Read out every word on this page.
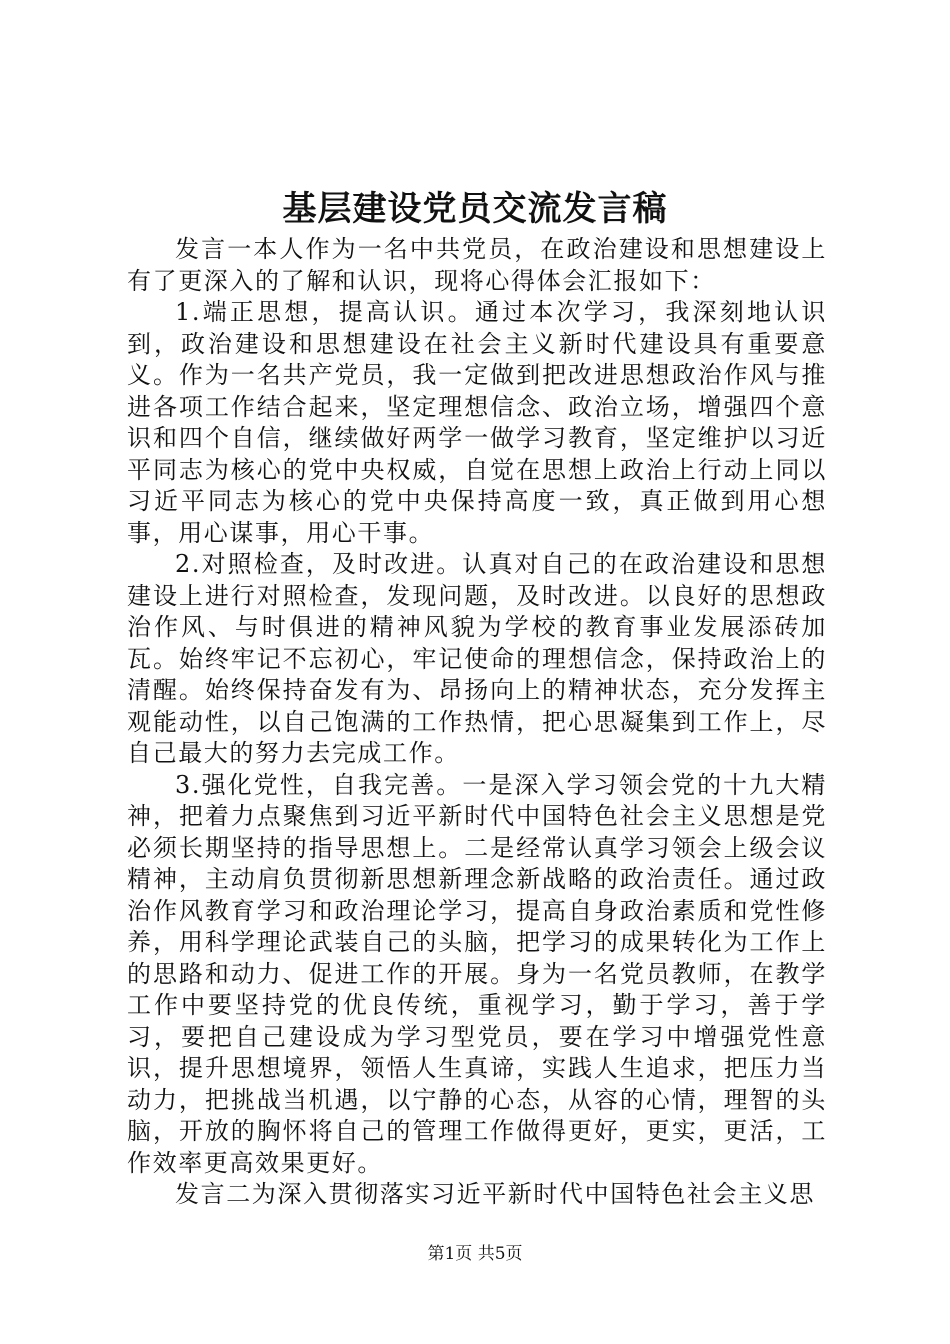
基层建设党员交流发言稿

发言一本人作为一名中共党员，在政治建设和思想建设上有了更深入的了解和认识，现将心得体会汇报如下：

1.端正思想，提高认识。通过本次学习，我深刻地认识到，政治建设和思想建设在社会主义新时代建设具有重要意义。作为一名共产党员，我一定做到把改进思想政治作风与推进各项工作结合起来，坚定理想信念、政治立场，增强四个意识和四个自信，继续做好两学一做学习教育，坚定维护以习近平同志为核心的党中央权威，自觉在思想上政治上行动上同以习近平同志为核心的党中央保持高度一致，真正做到用心想事，用心谋事，用心干事。

2.对照检查，及时改进。认真对自己的在政治建设和思想建设上进行对照检查，发现问题，及时改进。以良好的思想政治作风、与时俱进的精神风貌为学校的教育事业发展添砖加瓦。始终牢记不忘初心，牢记使命的理想信念，保持政治上的清醒。始终保持奋发有为、昂扬向上的精神状态，充分发挥主观能动性，以自己饱满的工作热情，把心思凝集到工作上，尽自己最大的努力去完成工作。

3.强化党性，自我完善。一是深入学习领会党的十九大精神，把着力点聚焦到习近平新时代中国特色社会主义思想是党必须长期坚持的指导思想上。二是经常认真学习领会上级会议精神，主动肩负贯彻新思想新理念新战略的政治责任。通过政治作风教育学习和政治理论学习，提高自身政治素质和党性修养，用科学理论武装自己的头脑，把学习的成果转化为工作上的思路和动力、促进工作的开展。身为一名党员教师，在教学工作中要坚持党的优良传统，重视学习，勤于学习，善于学习，要把自己建设成为学习型党员，要在学习中增强党性意识，提升思想境界，领悟人生真谛，实践人生追求，把压力当动力，把挑战当机遇，以宁静的心态，从容的心情，理智的头脑，开放的胸怀将自己的管理工作做得更好，更实，更活，工作效率更高效果更好。

发言二为深入贯彻落实习近平新时代中国特色社会主义思

第1页 共5页
